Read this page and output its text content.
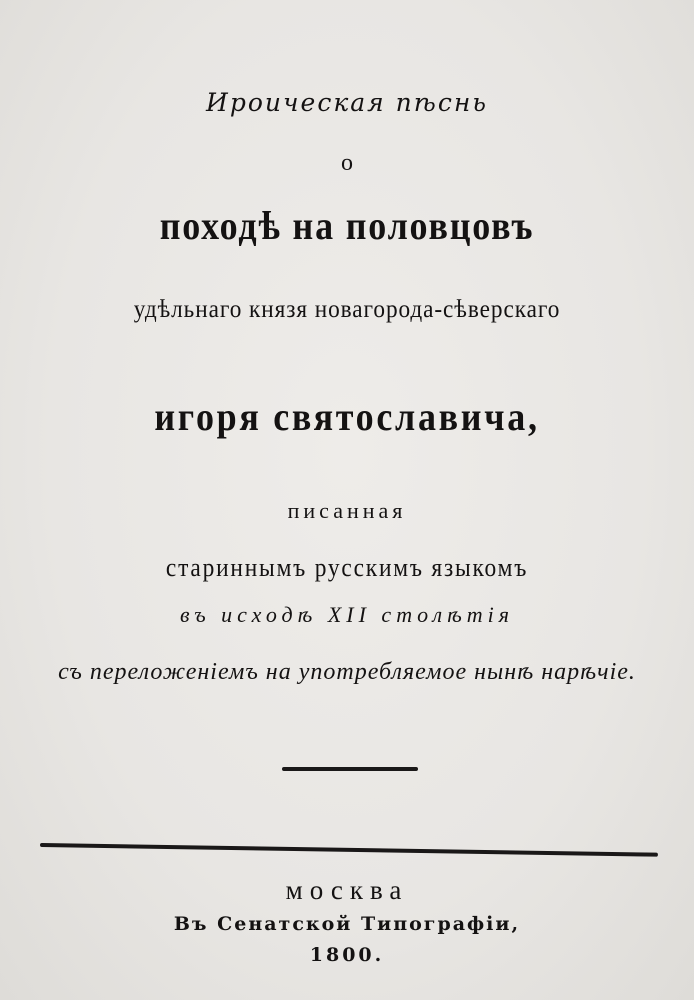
Ироическая пѣснь
о
походѣ на половцовъ
удѣльнаго князя новагорода-сѣверскаго
игоря святославича,
писанная
стариннымъ русскимъ языкомъ
въ исходѣ XII столѣтія
съ переложеніемъ на употребляемое нынѣ нарѣчіе.
москва
Въ Сенатской Типографіи,
1800.
